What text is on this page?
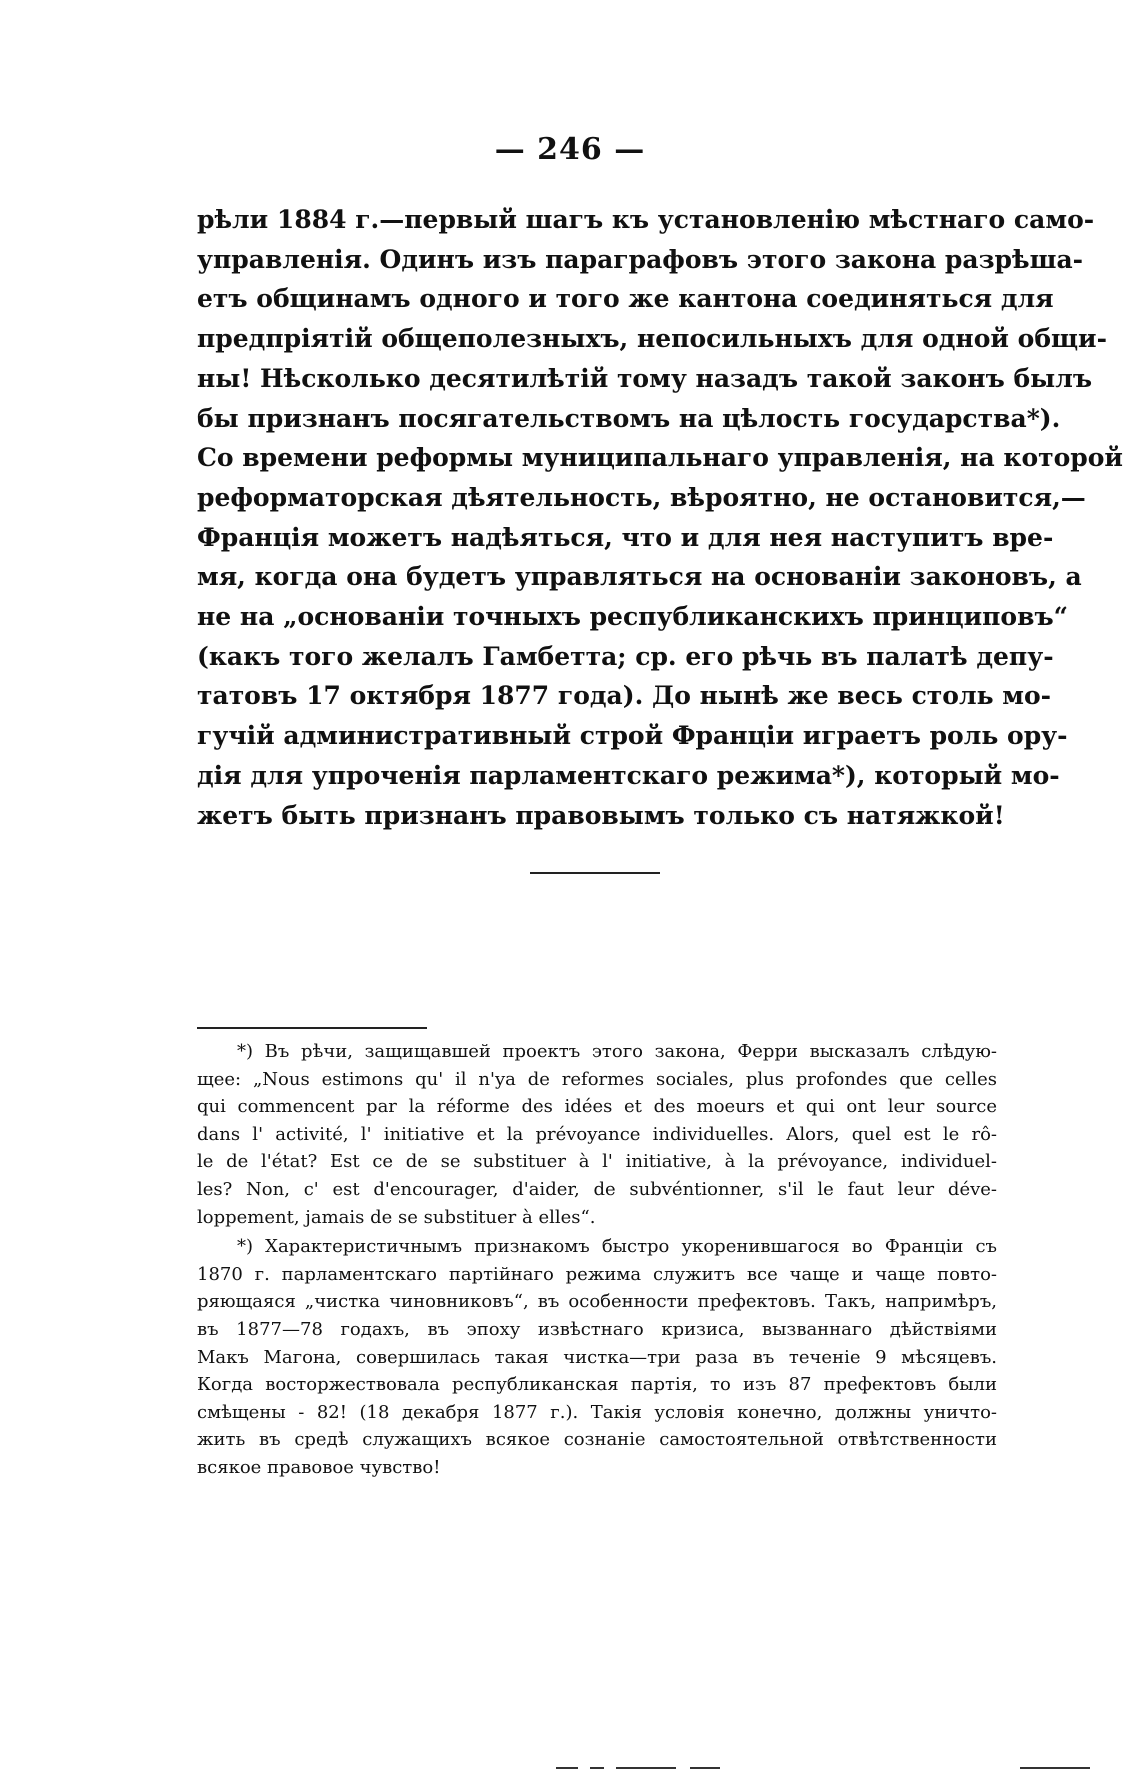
— 246 —
рѣли 1884 г.—первый шагъ къ установленію мѣстнаго само-
управленія. Одинъ изъ параграфовъ этого закона разрѣша-
етъ общинамъ одного и того же кантона соединяться для
предпріятій общеполезныхъ, непосильныхъ для одной общи-
ны! Нѣсколько десятилѣтій тому назадъ такой законъ былъ
бы признанъ посягательствомъ на цѣлость государства*).
Со времени реформы муниципальнаго управленія, на которой
реформаторская дѣятельность, вѣроятно, не остановится,—
Франція можетъ надѣяться, что и для нея наступитъ вре-
мя, когда она будетъ управляться на основаніи законовъ, а
не на „основаніи точныхъ республиканскихъ принциповъ“
(какъ того желалъ Гамбетта; ср. его рѣчь въ палатѣ депу-
татовъ 17 октября 1877 года). До нынѣ же весь столь мо-
гучій административный строй Франціи играетъ роль ору-
дія для упроченія парламентскаго режима*), который мо-
жетъ быть признанъ правовымъ только съ натяжкой!
*) Въ рѣчи, защищавшей проектъ этого закона, Ферри высказалъ слѣдую-
щее: „Nous estimons qu' il n'ya de reformes sociales, plus profondes que celles
qui commencent par la réforme des idées et des moeurs et qui ont leur source
dans l' activité, l' initiative et la prévoyance individuelles. Alors, quel est le rô-
le de l'état? Est ce de se substituer à l' initiative, à la prévoyance, individuel-
les? Non, c' est d'encourager, d'aider, de subvéntionner, s'il le faut leur déve-
loppement, jamais de se substituer à elles“.
*) Характеристичнымъ признакомъ быстро укоренившагося во Франціи съ
1870 г. парламентскаго партійнаго режима служитъ все чаще и чаще повто-
ряющаяся „чистка чиновниковъ“, въ особенности префектовъ. Такъ, напримѣръ,
въ 1877—78 годахъ, въ эпоху извѣстнаго кризиса, вызваннаго дѣйствіями
Макъ Магона, совершилась такая чистка—три раза въ теченіе 9 мѣсяцевъ.
Когда восторжествовала республиканская партія, то изъ 87 префектовъ были
смѣщены - 82! (18 декабря 1877 г.). Такія условія конечно, должны уничто-
жить въ средѣ служащихъ всякое сознаніе самостоятельной отвѣтственности
всякое правовое чувство!
